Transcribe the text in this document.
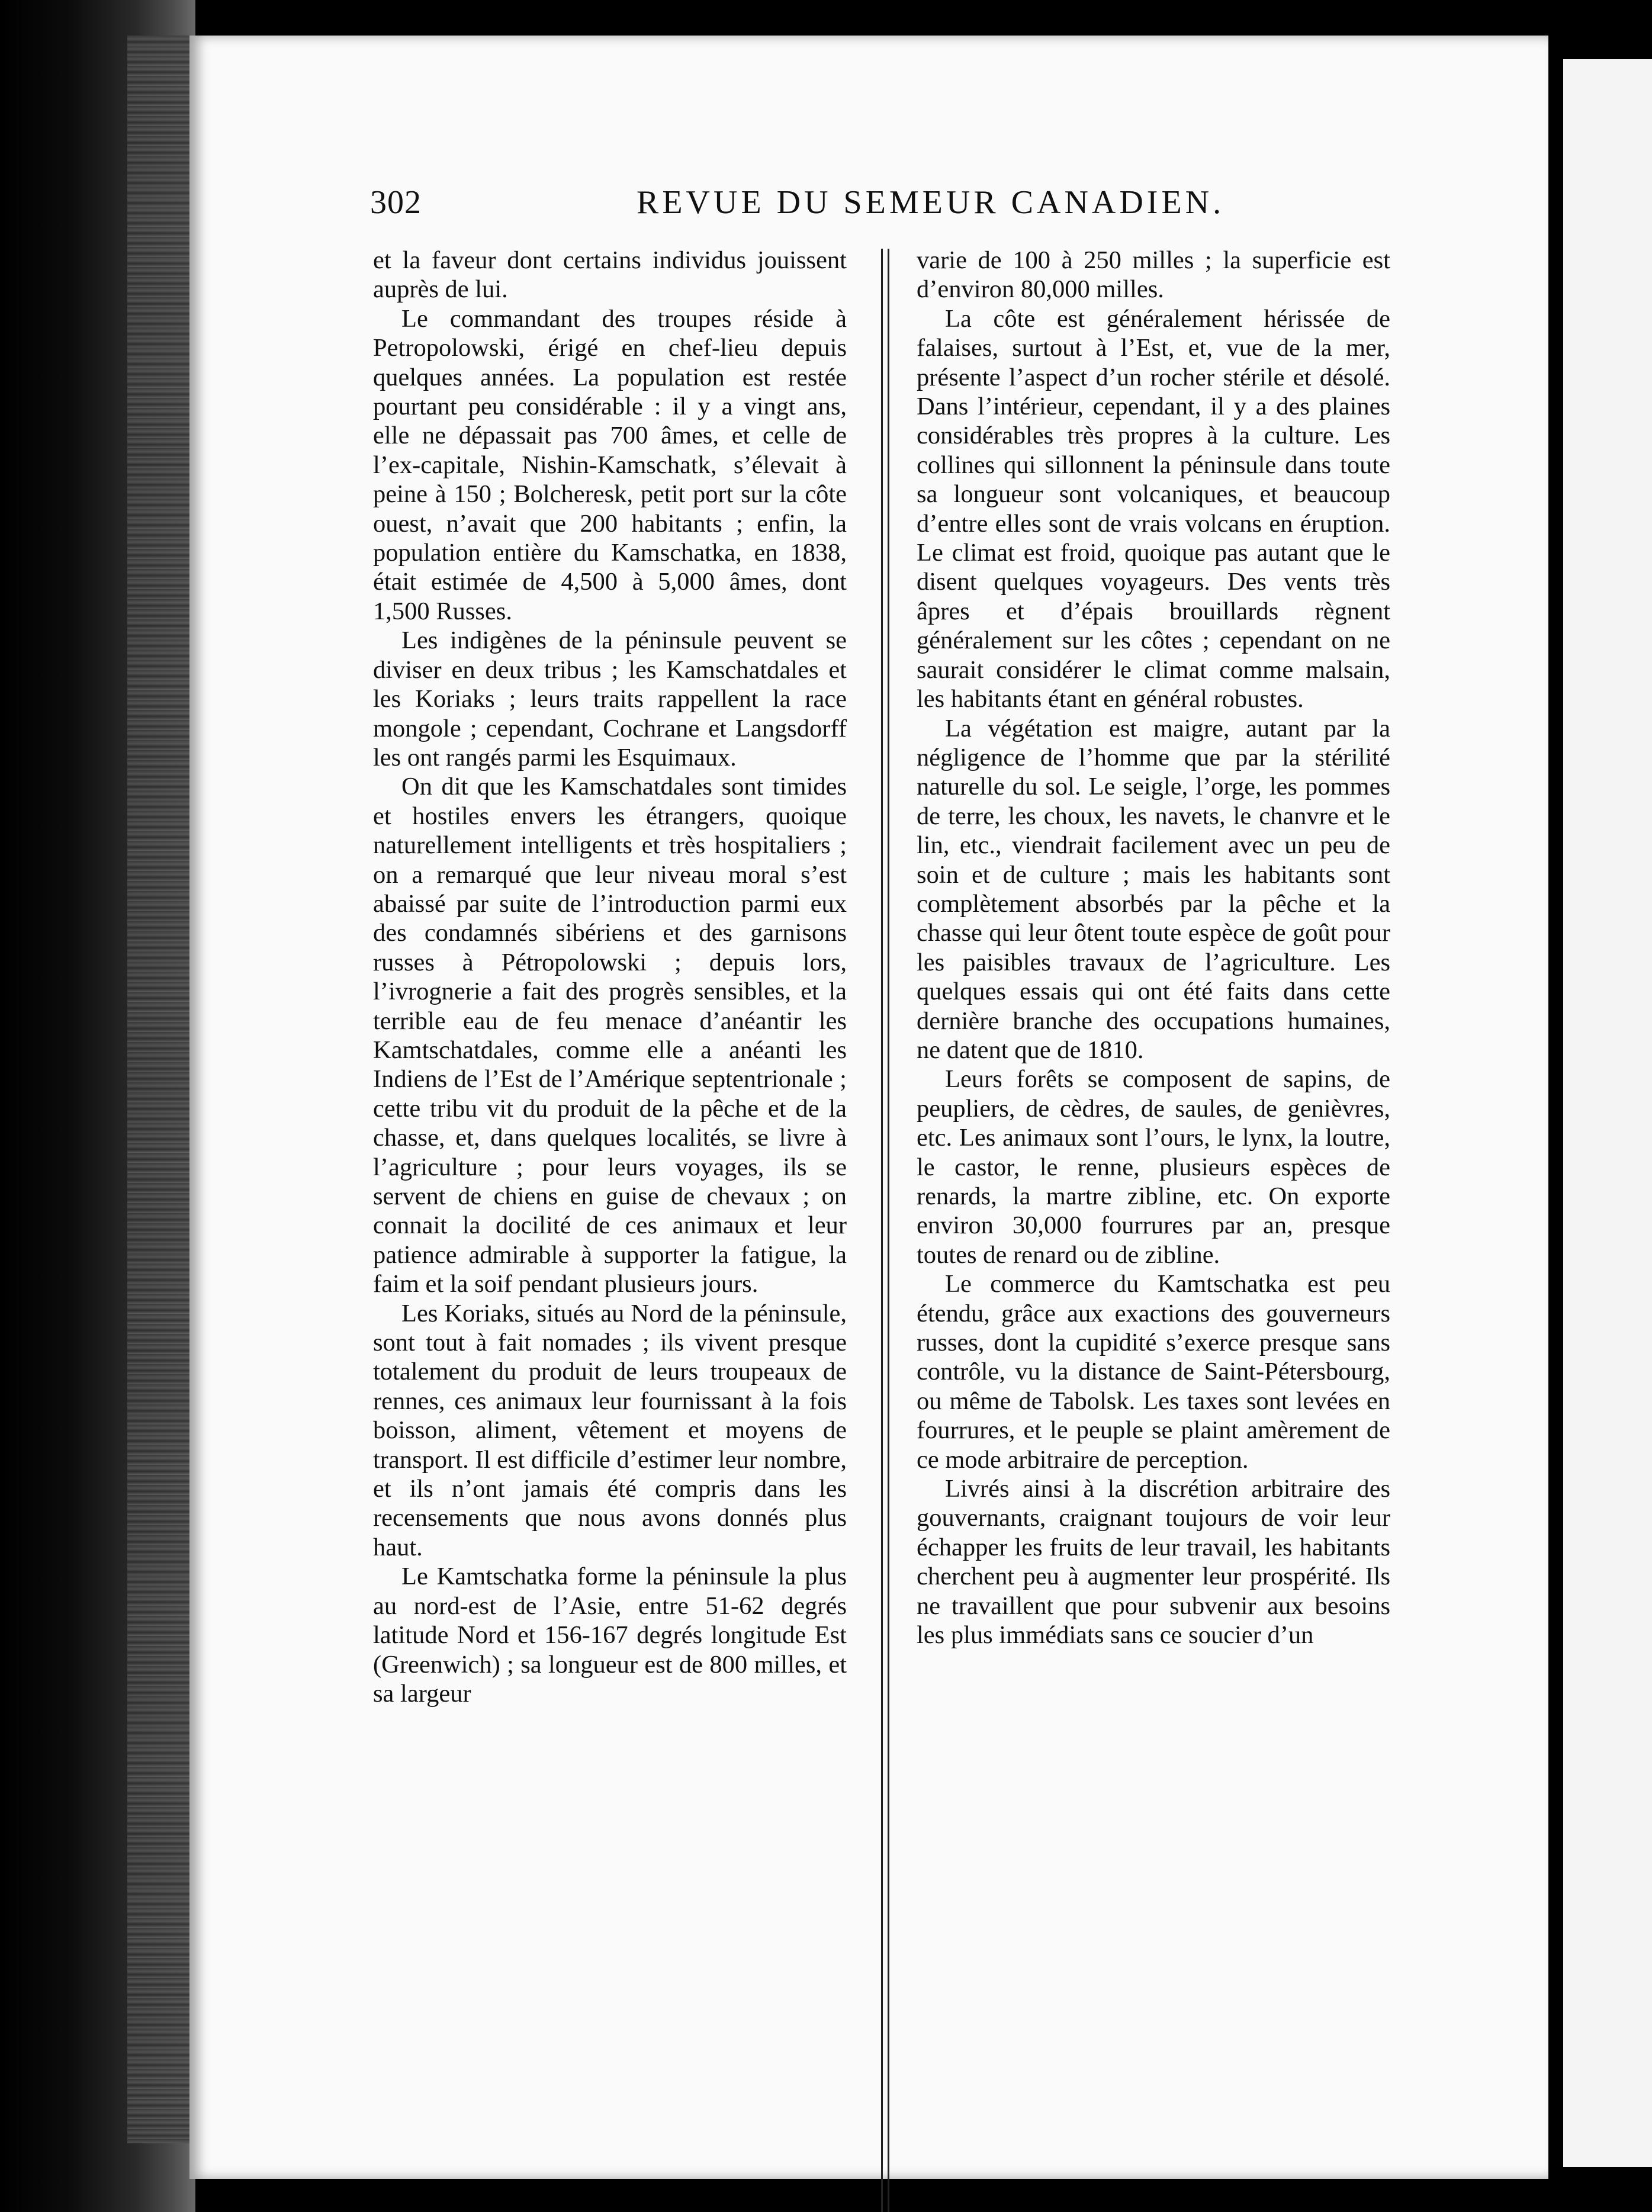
302	REVUE DU SEMEUR CANADIEN.

et la faveur dont certains individus jouissent auprès de lui.

Le commandant des troupes réside à Petropolowski, érigé en chef-lieu depuis quelques années. La population est restée pourtant peu considérable : il y a vingt ans, elle ne dépassait pas 700 âmes, et celle de l’ex-capitale, Nishin-Kamschatk, s’élevait à peine à 150 ; Bolcheresk, petit port sur la côte ouest, n’avait que 200 habitants ; enfin, la population entière du Kamschatka, en 1838, était estimée de 4,500 à 5,000 âmes, dont 1,500 Russes.

Les indigènes de la péninsule peuvent se diviser en deux tribus ; les Kamschatdales et les Koriaks ; leurs traits rappellent la race mongole ; cependant, Cochrane et Langsdorff les ont rangés parmi les Esquimaux.

On dit que les Kamschatdales sont timides et hostiles envers les étrangers, quoique naturellement intelligents et très hospitaliers ; on a remarqué que leur niveau moral s’est abaissé par suite de l’introduction parmi eux des condamnés sibériens et des garnisons russes à Pétropolowski ; depuis lors, l’ivrognerie a fait des progrès sensibles, et la terrible eau de feu menace d’anéantir les Kamtschatdales, comme elle a anéanti les Indiens de l’Est de l’Amérique septentrionale ; cette tribu vit du produit de la pêche et de la chasse, et, dans quelques localités, se livre à l’agriculture ; pour leurs voyages, ils se servent de chiens en guise de chevaux ; on connait la docilité de ces animaux et leur patience admirable à supporter la fatigue, la faim et la soif pendant plusieurs jours.

Les Koriaks, situés au Nord de la péninsule, sont tout à fait nomades ; ils vivent presque totalement du produit de leurs troupeaux de rennes, ces animaux leur fournissant à la fois boisson, aliment, vêtement et moyens de transport. Il est difficile d’estimer leur nombre, et ils n’ont jamais été compris dans les recensements que nous avons donnés plus haut.

Le Kamtschatka forme la péninsule la plus au nord-est de l’Asie, entre 51-62 degrés latitude Nord et 156-167 degrés longitude Est (Greenwich) ; sa longueur est de 800 milles, et sa largeur

varie de 100 à 250 milles ; la superficie est d’environ 80,000 milles.

La côte est généralement hérissée de falaises, surtout à l’Est, et, vue de la mer, présente l’aspect d’un rocher stérile et désolé. Dans l’intérieur, cependant, il y a des plaines considérables très propres à la culture. Les collines qui sillonnent la péninsule dans toute sa longueur sont volcaniques, et beaucoup d’entre elles sont de vrais volcans en éruption. Le climat est froid, quoique pas autant que le disent quelques voyageurs. Des vents très âpres et d’épais brouillards règnent généralement sur les côtes ; cependant on ne saurait considérer le climat comme malsain, les habitants étant en général robustes.

La végétation est maigre, autant par la négligence de l’homme que par la stérilité naturelle du sol. Le seigle, l’orge, les pommes de terre, les choux, les navets, le chanvre et le lin, etc., viendrait facilement avec un peu de soin et de culture ; mais les habitants sont complètement absorbés par la pêche et la chasse qui leur ôtent toute espèce de goût pour les paisibles travaux de l’agriculture. Les quelques essais qui ont été faits dans cette dernière branche des occupations humaines, ne datent que de 1810.

Leurs forêts se composent de sapins, de peupliers, de cèdres, de saules, de genièvres, etc. Les animaux sont l’ours, le lynx, la loutre, le castor, le renne, plusieurs espèces de renards, la martre zibline, etc. On exporte environ 30,000 fourrures par an, presque toutes de renard ou de zibline.

Le commerce du Kamtschatka est peu étendu, grâce aux exactions des gouverneurs russes, dont la cupidité s’exerce presque sans contrôle, vu la distance de Saint-Pétersbourg, ou même de Tabolsk. Les taxes sont levées en fourrures, et le peuple se plaint amèrement de ce mode arbitraire de perception.

Livrés ainsi à la discrétion arbitraire des gouvernants, craignant toujours de voir leur échapper les fruits de leur travail, les habitants cherchent peu à augmenter leur prospérité. Ils ne travaillent que pour subvenir aux besoins les plus immédiats sans ce soucier d’un
